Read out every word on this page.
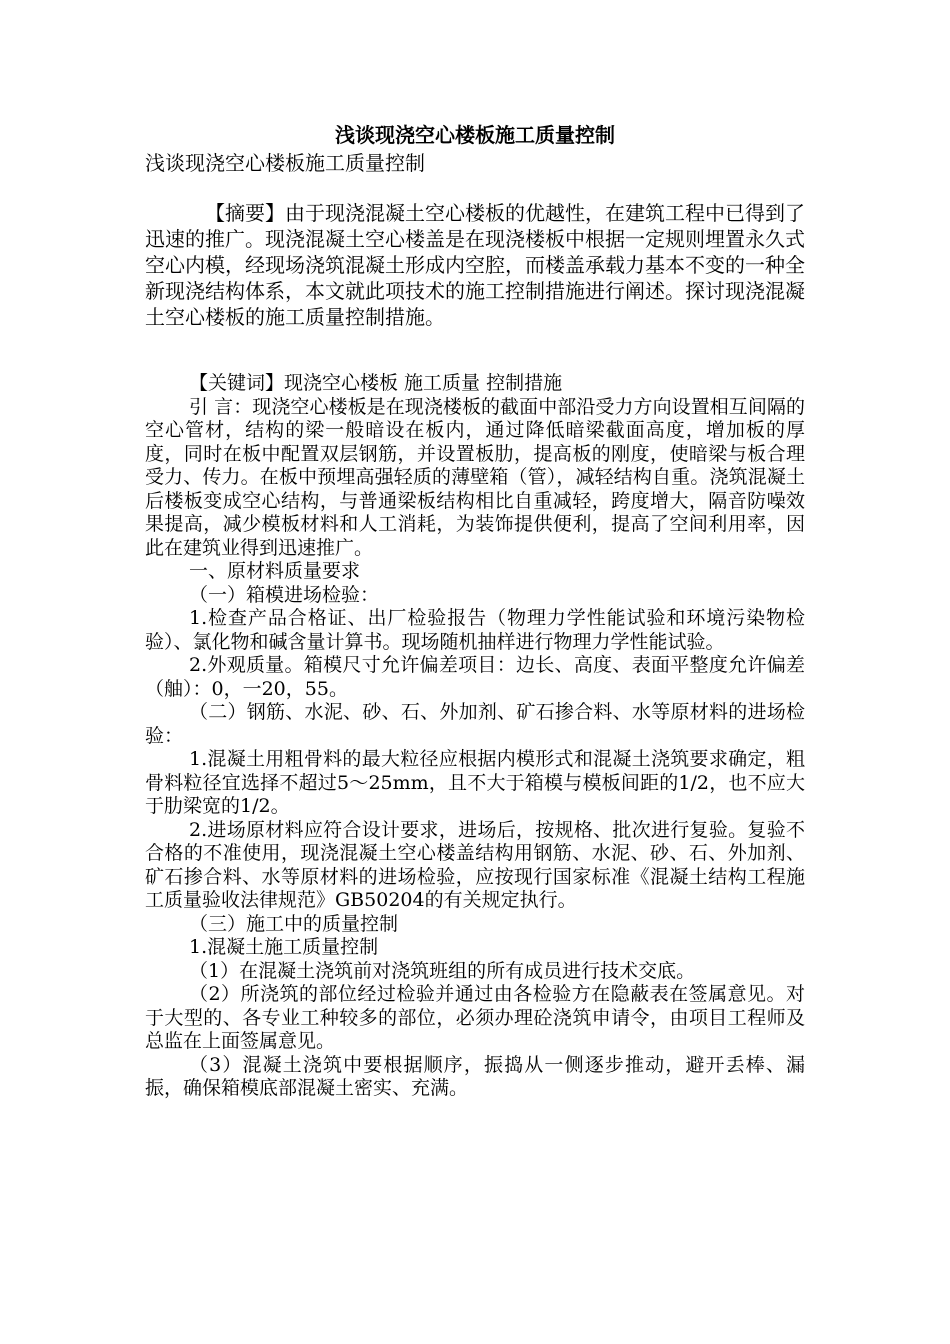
浅谈现浇空心楼板施工质量控制
浅谈现浇空心楼板施工质量控制

【摘要】由于现浇混凝土空心楼板的优越性，在建筑工程中已得到了迅速的推广。现浇混凝土空心楼盖是在现浇楼板中根据一定规则埋置永久式空心内模，经现场浇筑混凝土形成内空腔，而楼盖承载力基本不变的一种全新现浇结构体系，本文就此项技术的施工控制措施进行阐述。探讨现浇混凝土空心楼板的施工质量控制措施。

【关键词】现浇空心楼板 施工质量 控制措施

引 言：现浇空心楼板是在现浇楼板的截面中部沿受力方向设置相互间隔的空心管材，结构的梁一般暗设在板内，通过降低暗梁截面高度，增加板的厚度，同时在板中配置双层钢筋，并设置板肋，提高板的刚度，使暗梁与板合理受力、传力。在板中预埋高强轻质的薄壁箱（管），减轻结构自重。浇筑混凝土后楼板变成空心结构，与普通梁板结构相比自重减轻，跨度增大，隔音防噪效果提高，减少模板材料和人工消耗，为装饰提供便利，提高了空间利用率，因此在建筑业得到迅速推广。

一、原材料质量要求

（一）箱模进场检验：

1.检查产品合格证、出厂检验报告（物理力学性能试验和环境污染物检验）、氯化物和碱含量计算书。现场随机抽样进行物理力学性能试验。

2.外观质量。箱模尺寸允许偏差项目：边长、高度、表面平整度允许偏差（舳）：0，一20，55。

（二）钢筋、水泥、砂、石、外加剂、矿石掺合料、水等原材料的进场检验：

1.混凝土用粗骨料的最大粒径应根据内模形式和混凝土浇筑要求确定，粗骨料粒径宜选择不超过5～25mm，且不大于箱模与模板间距的1/2，也不应大于肋梁宽的1/2。

2.进场原材料应符合设计要求，进场后，按规格、批次进行复验。复验不合格的不准使用，现浇混凝土空心楼盖结构用钢筋、水泥、砂、石、外加剂、矿石掺合料、水等原材料的进场检验，应按现行国家标准《混凝土结构工程施工质量验收法律规范》GB50204的有关规定执行。

（三）施工中的质量控制

1.混凝土施工质量控制

（1）在混凝土浇筑前对浇筑班组的所有成员进行技术交底。

（2）所浇筑的部位经过检验并通过由各检验方在隐蔽表在签属意见。对于大型的、各专业工种较多的部位，必须办理砼浇筑申请令，由项目工程师及总监在上面签属意见。

（3）混凝土浇筑中要根据顺序，振捣从一侧逐步推动，避开丢棒、漏振，确保箱模底部混凝土密实、充满。
